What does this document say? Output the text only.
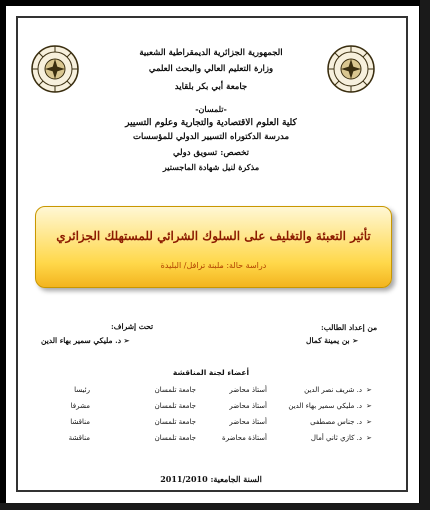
الجمهورية الجزائرية الديمقراطية الشعبية
وزارة التعليم العالي والبحث العلمي
جامعة أبي بكر بلقايد
-تلمسان-
كلية العلوم الاقتصادية والتجارية وعلوم التسيير
مدرسة الدكتوراه التسيير الدولي للمؤسسات
تخصص: تسويق دولي
مذكرة لنيل شهادة الماجستير
تأثير التعبئة والتغليف على السلوك الشرائي للمستهلك الجزائري
دراسة حالة: ملبنة ترافل/ البليدة
من إعداد الطالب:
تحت إشراف:
➢ بن يمينة كمال
➢ د. مليكي سمير بهاء الدين
أعضاء لجنة المناقشة
➢
د. شريف نصر الدين
أستاذ محاضر
جامعة تلمسان
رئيسا
➢
د. مليكي سمير بهاء الدين
أستاذ محاضر
جامعة تلمسان
مشرفا
➢
د. جناس مصطفى
أستاذ محاضر
جامعة تلمسان
مناقشا
➢
د. كازي ثاني أمال
أستاذة محاضرة
جامعة تلمسان
مناقشة
السنة الجامعية: 2011/2010
